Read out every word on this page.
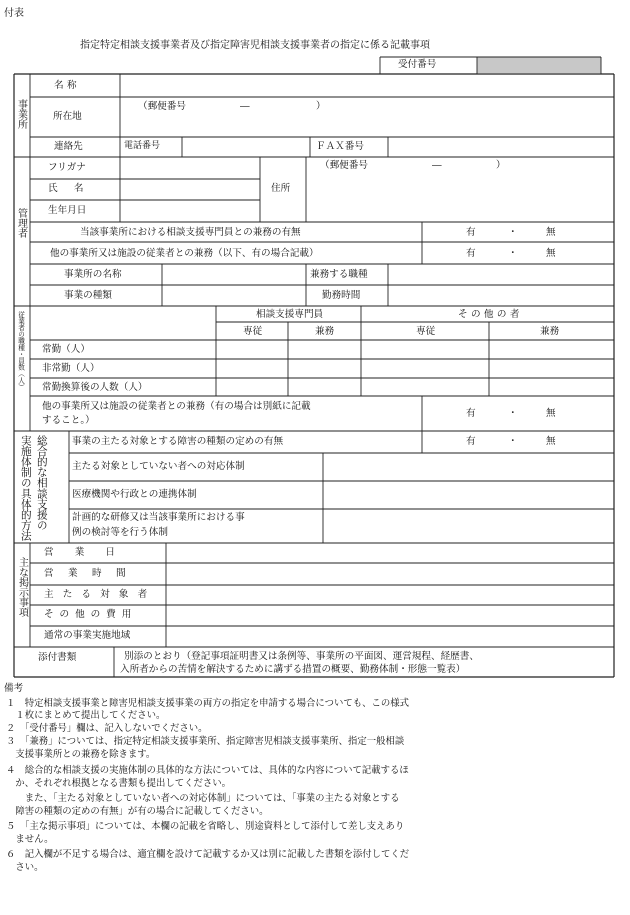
付表
指定特定相談支援事業者及び指定障害児相談支援事業者の指定に係る記載事項
受付番号
事業所
名称
所在地
（郵便番号	―	）
連絡先	電話番号	ＦＡＸ番号
管理者
フリガナ
氏　名
生年月日
住所
（郵便番号	―	）
当該事業所における相談支援専門員との兼務の有無	有	・	無
他の事業所又は施設の従業者との兼務（以下、有の場合記載）	有	・	無
事業所の名称	兼務する職種
事業の種類	勤務時間
従業者の職種・員数（人）	相談支援専門員	その他の者
専従	兼務	専従	兼務
常勤（人）
非常勤（人）
常勤換算後の人数（人）
他の事業所又は施設の従業者との兼務（有の場合は別紙に記載
すること。）
有	・	無
総合的な相談支援の
実施体制の具体的方法	事業の主たる対象とする障害の種類の定めの有無	有	・	無
主たる対象としていない者への対応体制
医療機関や行政との連携体制
計画的な研修又は当該事業所における事
例の検討等を行う体制
主な掲示事項
営業日
営業時間
主たる対象者
その他の費用
通常の事業実施地域
添付書類	別添のとおり（登記事項証明書又は条例等、事業所の平面図、運営規程、経歴書、
入所者からの苦情を解決するために講ずる措置の概要、勤務体制・形態一覧表）
備考
１　特定相談支援事業と障害児相談支援事業の両方の指定を申請する場合についても、この様式
　１枚にまとめて提出してください。
２　「受付番号」欄は、記入しないでください。
３　「兼務」については、指定特定相談支援事業所、指定障害児相談支援事業所、指定一般相談
　支援事業所との兼務を除きます。
４　総合的な相談支援の実施体制の具体的な方法については、具体的な内容について記載するほ
　か、それぞれ根拠となる書類も提出してください。
　　また、「主たる対象としていない者への対応体制」については、「事業の主たる対象とする
　障害の種類の定めの有無」が有の場合に記載してください。
５　「主な掲示事項」については、本欄の記載を省略し、別途資料として添付して差し支えあり
　ません。
６　記入欄が不足する場合は、適宜欄を設けて記載するか又は別に記載した書類を添付してくだ
　さい。
